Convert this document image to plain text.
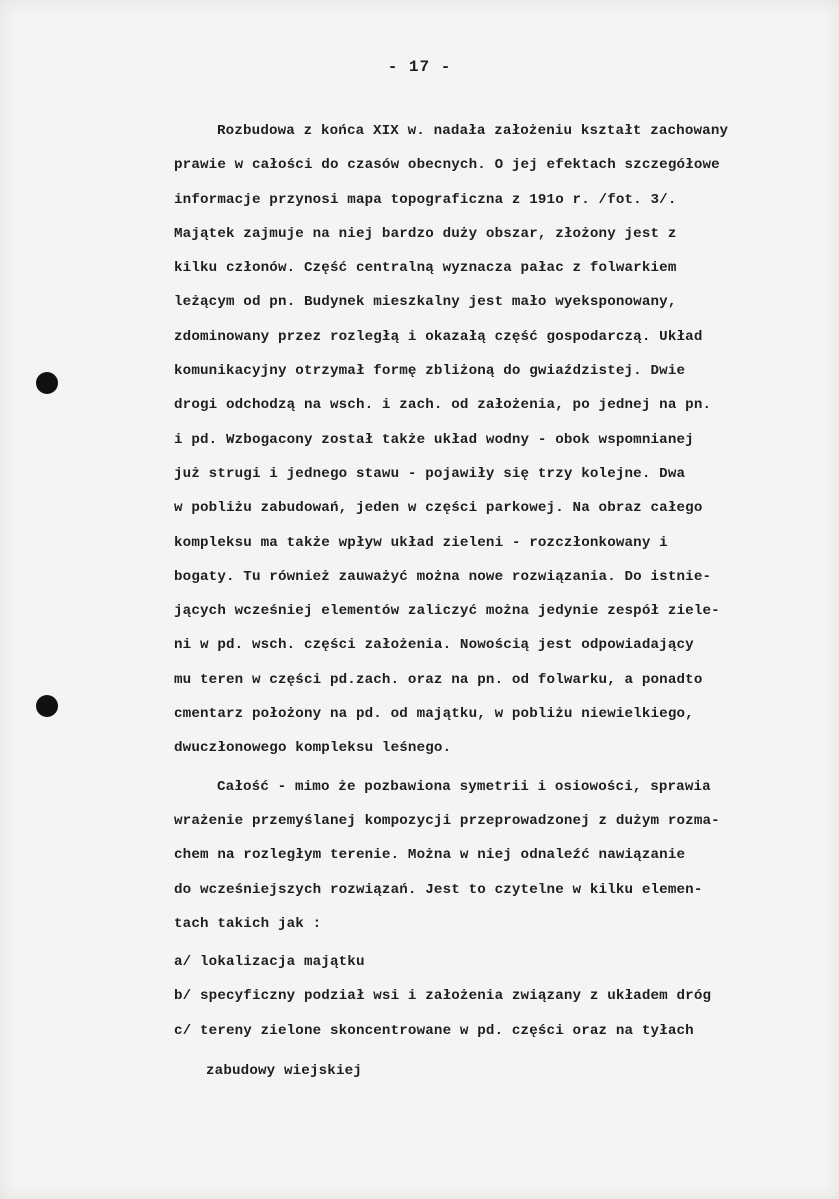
- 17 -
Rozbudowa z końca XIX w. nadała założeniu kształt zachowany
prawie w całości do czasów obecnych. O jej efektach szczegółowe
informacje przynosi mapa topograficzna z 191o r. /fot. 3/.
Majątek zajmuje na niej bardzo duży obszar, złożony jest z
kilku członów. Część centralną wyznacza pałac z folwarkiem
leżącym od pn. Budynek mieszkalny jest mało wyeksponowany,
zdominowany przez rozległą i okazałą część gospodarczą. Układ
komunikacyjny otrzymał formę zbliżoną do gwiaździstej. Dwie
drogi odchodzą na wsch. i zach. od założenia, po jednej na pn.
i pd. Wzbogacony został także układ wodny - obok wspomnianej
już strugi i jednego stawu - pojawiły się trzy kolejne. Dwa
w pobliżu zabudowań, jeden w części parkowej. Na obraz całego
kompleksu ma także wpływ układ zieleni - rozczłonkowany i
bogaty. Tu również zauważyć można nowe rozwiązania. Do istnie-
jących wcześniej elementów zaliczyć można jedynie zespół ziele-
ni w pd. wsch. części założenia. Nowością jest odpowiadający
mu teren w części pd.zach. oraz na pn. od folwarku, a ponadto
cmentarz położony na pd. od majątku, w pobliżu niewielkiego,
dwuczłonowego kompleksu leśnego.
Całość - mimo że pozbawiona symetrii i osiowości, sprawia
wrażenie przemyślanej kompozycji przeprowadzonej z dużym rozma-
chem na rozległym terenie. Można w niej odnaleźć nawiązanie
do wcześniejszych rozwiązań. Jest to czytelne w kilku elemen-
tach takich jak :
a/ lokalizacja majątku
b/ specyficzny podział wsi i założenia związany z układem dróg
c/ tereny zielone skoncentrowane w pd. części oraz na tyłach
zabudowy wiejskiej
